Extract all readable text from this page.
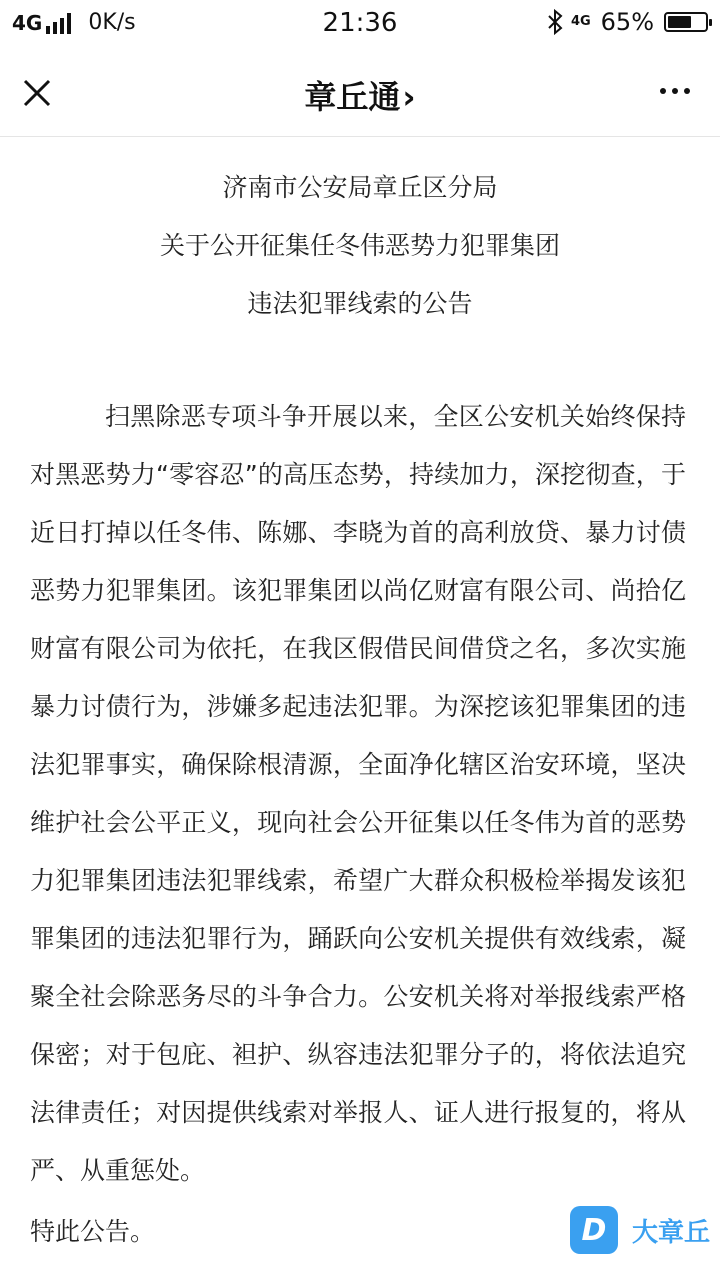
4G 0K/s	21:36	4G 65%
章丘通›
济南市公安局章丘区分局
关于公开征集任冬伟恶势力犯罪集团
违法犯罪线索的公告

扫黑除恶专项斗争开展以来，全区公安机关始终保持对黑恶势力“零容忍”的高压态势，持续加力，深挖彻查，于近日打掉以任冬伟、陈娜、李晓为首的高利放贷、暴力讨债恶势力犯罪集团。该犯罪集团以尚亿财富有限公司、尚拾亿财富有限公司为依托，在我区假借民间借贷之名，多次实施暴力讨债行为，涉嫌多起违法犯罪。为深挖该犯罪集团的违法犯罪事实，确保除根清源，全面净化辖区治安环境，坚决维护社会公平正义，现向社会公开征集以任冬伟为首的恶势力犯罪集团违法犯罪线索，希望广大群众积极检举揭发该犯罪集团的违法犯罪行为，踊跃向公安机关提供有效线索，凝聚全社会除恶务尽的斗争合力。公安机关将对举报线索严格保密；对于包庇、袒护、纵容违法犯罪分子的，将依法追究法律责任；对因提供线索对举报人、证人进行报复的，将从严、从重惩处。

特此公告。	D 大章丘
